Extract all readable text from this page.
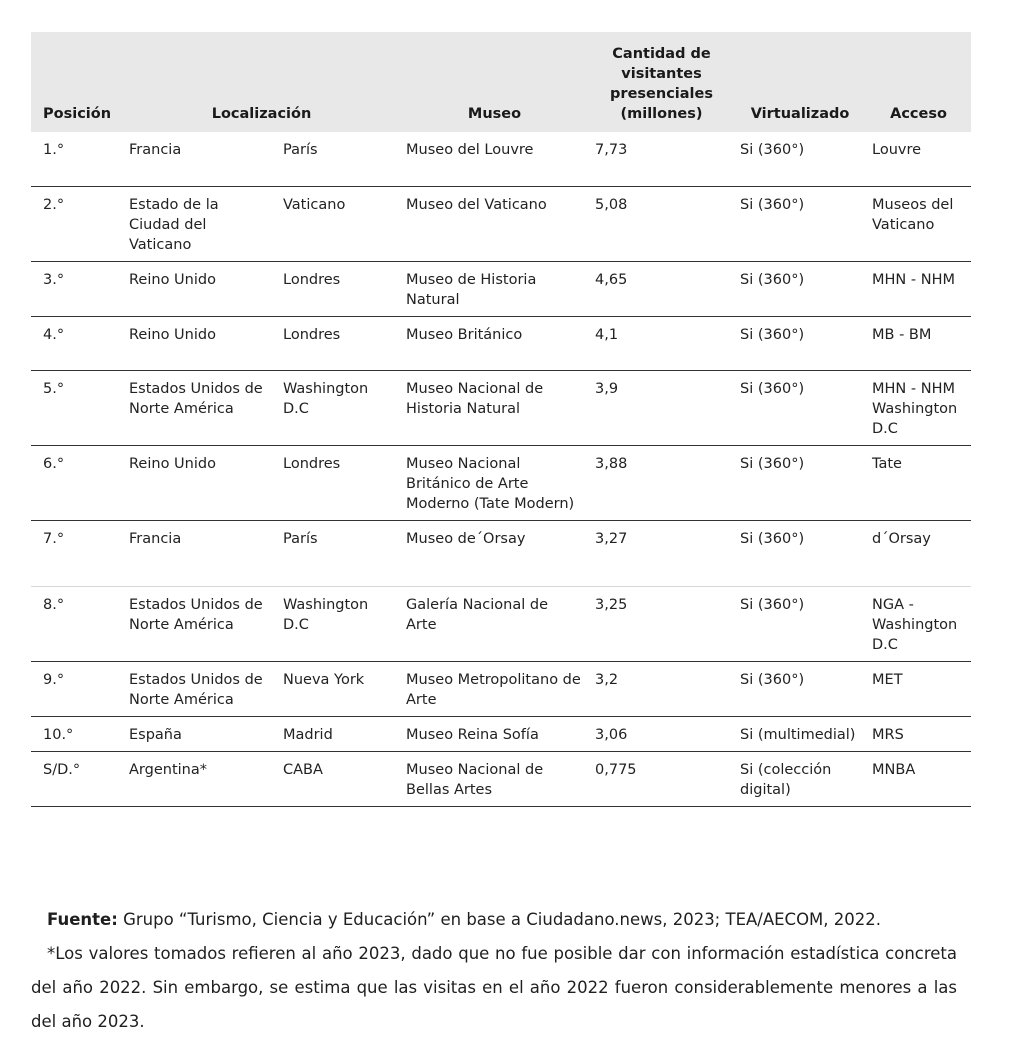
Posición	Localización		Museo	Cantidad de visitantes presenciales (millones)	Virtualizado	Acceso
1.°	Francia	París	Museo del Louvre	7,73	Si (360°)	Louvre
2.°	Estado de la Ciudad del Vaticano	Vaticano	Museo del Vaticano	5,08	Si (360°)	Museos del Vaticano
3.°	Reino Unido	Londres	Museo de Historia Natural	4,65	Si (360°)	MHN - NHM
4.°	Reino Unido	Londres	Museo Británico	4,1	Si (360°)	MB - BM
5.°	Estados Unidos de Norte América	Washington D.C	Museo Nacional de Historia Natural	3,9	Si (360°)	MHN - NHM Washington D.C
6.°	Reino Unido	Londres	Museo Nacional Británico de Arte Moderno (Tate Modern)	3,88	Si (360°)	Tate
7.°	Francia	París	Museo de´Orsay	3,27	Si (360°)	d´Orsay
8.°	Estados Unidos de Norte América	Washington D.C	Galería Nacional de Arte	3,25	Si (360°)	NGA - Washington D.C
9.°	Estados Unidos de Norte América	Nueva York	Museo Metropolitano de Arte	3,2	Si (360°)	MET
10.°	España	Madrid	Museo Reina Sofía	3,06	Si (multimedial)	MRS
S/D.°	Argentina*	CABA	Museo Nacional de Bellas Artes	0,775	Si (colección digital)	MNBA

Fuente: Grupo “Turismo, Ciencia y Educación” en base a Ciudadano.news, 2023; TEA/AECOM, 2022.

*Los valores tomados refieren al año 2023, dado que no fue posible dar con información estadística concreta del año 2022. Sin embargo, se estima que las visitas en el año 2022 fueron considerablemente menores a las del año 2023.
